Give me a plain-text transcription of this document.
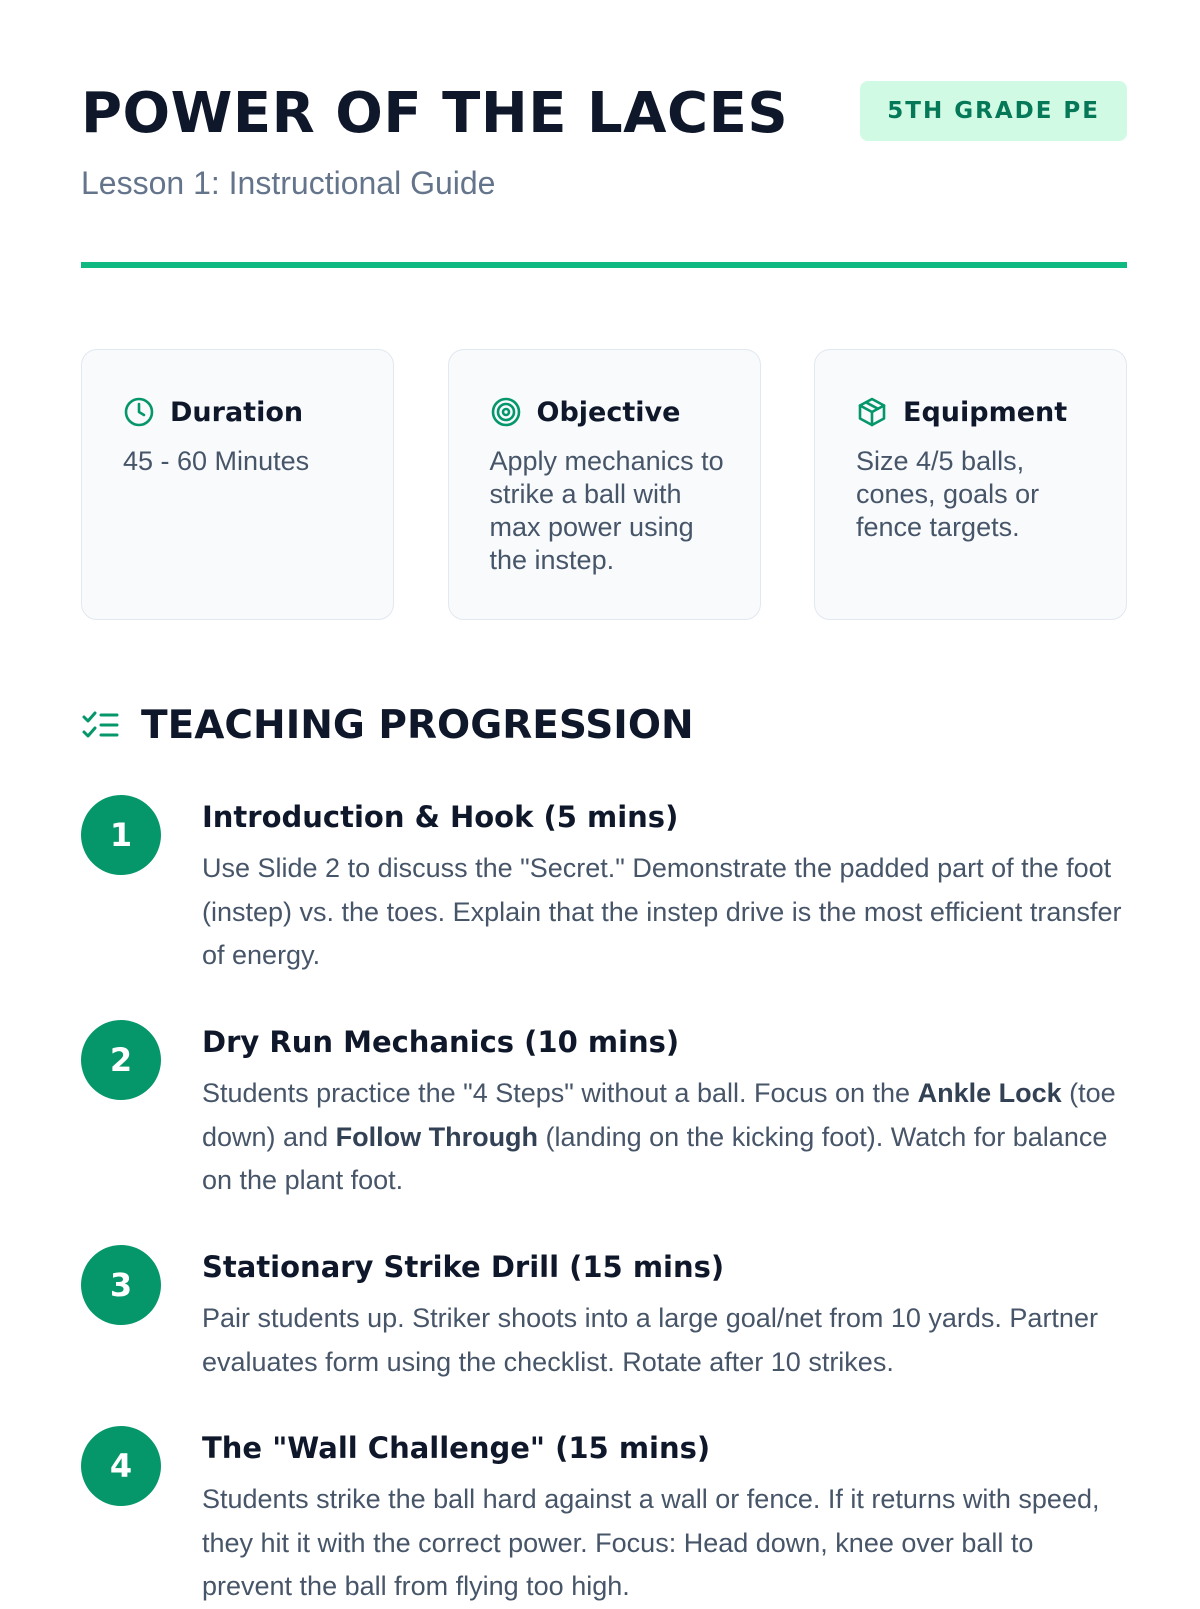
POWER OF THE LACES	5TH GRADE PE
Lesson 1: Instructional Guide
Duration
45 - 60 Minutes
Objective
Apply mechanics to strike a ball with max power using the instep.
Equipment
Size 4/5 balls, cones, goals or fence targets.
TEACHING PROGRESSION
1	Introduction & Hook (5 mins)

Use Slide 2 to discuss the "Secret." Demonstrate the padded part of the foot (instep) vs. the toes. Explain that the instep drive is the most efficient transfer of energy.

2	Dry Run Mechanics (10 mins)

Students practice the "4 Steps" without a ball. Focus on the Ankle Lock (toe down) and Follow Through (landing on the kicking foot). Watch for balance on the plant foot.

3	Stationary Strike Drill (15 mins)

Pair students up. Striker shoots into a large goal/net from 10 yards. Partner evaluates form using the checklist. Rotate after 10 strikes.

4	The "Wall Challenge" (15 mins)

Students strike the ball hard against a wall or fence. If it returns with speed, they hit it with the correct power. Focus: Head down, knee over ball to prevent the ball from flying too high.
